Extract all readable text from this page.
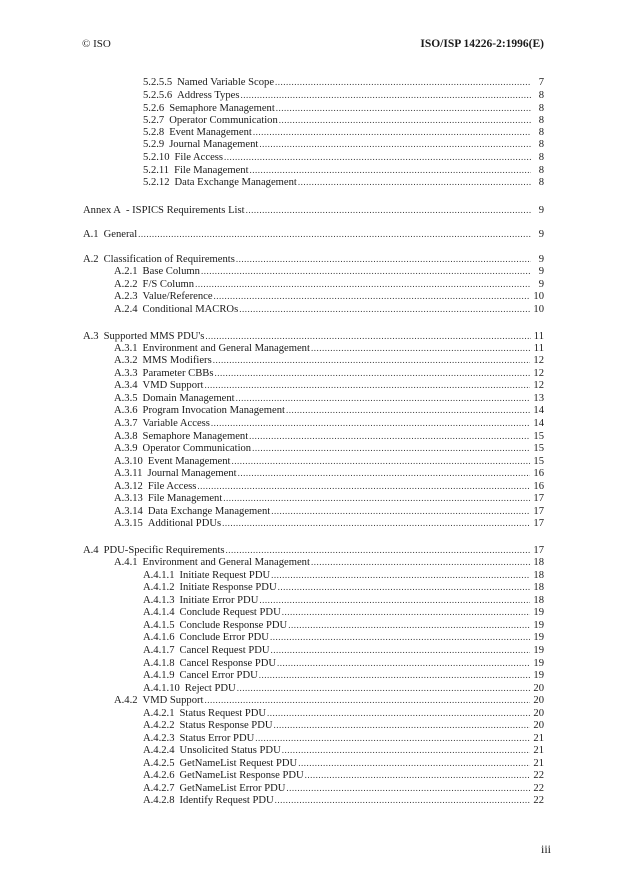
© ISO	ISO/ISP 14226-2:1996(E)
5.2.5.5 Named Variable Scope .....	7
5.2.5.6 Address Types .....	8
5.2.6 Semaphore Management .....	8
5.2.7 Operator Communication .....	8
5.2.8 Event Management .....	8
5.2.9 Journal Management .....	8
5.2.10 File Access .....	8
5.2.11 File Management .....	8
5.2.12 Data Exchange Management .....	8
Annex A - ISPICS Requirements List .....	9
A.1 General .....	9
A.2 Classification of Requirements .....	9
A.2.1 Base Column .....	9
A.2.2 F/S Column .....	9
A.2.3 Value/Reference .....	10
A.2.4 Conditional MACROs .....	10
A.3 Supported MMS PDU's .....	11
A.3.1 Environment and General Management .....	11
A.3.2 MMS Modifiers .....	12
A.3.3 Parameter CBBs .....	12
A.3.4 VMD Support .....	12
A.3.5 Domain Management .....	13
A.3.6 Program Invocation Management .....	14
A.3.7 Variable Access .....	14
A.3.8 Semaphore Management .....	15
A.3.9 Operator Communication .....	15
A.3.10 Event Management .....	15
A.3.11 Journal Management .....	16
A.3.12 File Access .....	16
A.3.13 File Management .....	17
A.3.14 Data Exchange Management .....	17
A.3.15 Additional PDUs .....	17
A.4 PDU-Specific Requirements .....	17
A.4.1 Environment and General Management .....	18
A.4.1.1 Initiate Request PDU .....	18
A.4.1.2 Initiate Response PDU .....	18
A.4.1.3 Initiate Error PDU .....	18
A.4.1.4 Conclude Request PDU .....	19
A.4.1.5 Conclude Response PDU .....	19
A.4.1.6 Conclude Error PDU .....	19
A.4.1.7 Cancel Request PDU .....	19
A.4.1.8 Cancel Response PDU .....	19
A.4.1.9 Cancel Error PDU .....	19
A.4.1.10 Reject PDU .....	20
A.4.2 VMD Support .....	20
A.4.2.1 Status Request PDU .....	20
A.4.2.2 Status Response PDU .....	20
A.4.2.3 Status Error PDU .....	21
A.4.2.4 Unsolicited Status PDU .....	21
A.4.2.5 GetNameList Request PDU .....	21
A.4.2.6 GetNameList Response PDU .....	22
A.4.2.7 GetNameList Error PDU .....	22
A.4.2.8 Identify Request PDU .....	22
iii
